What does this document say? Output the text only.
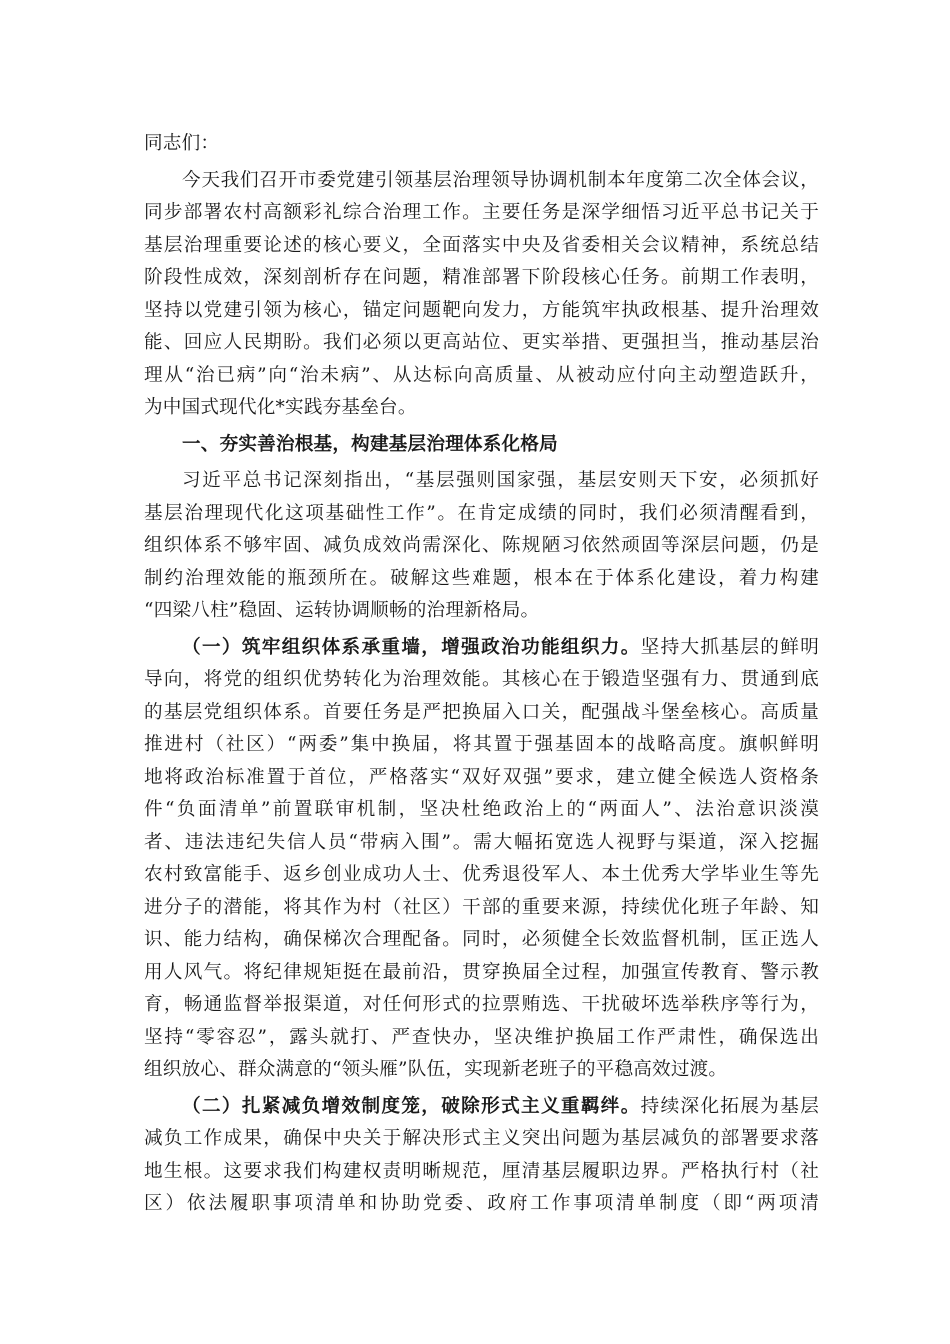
同志们：
今天我们召开市委党建引领基层治理领导协调机制本年度第二次全体会议，
同步部署农村高额彩礼综合治理工作。主要任务是深学细悟习近平总书记关于
基层治理重要论述的核心要义，全面落实中央及省委相关会议精神，系统总结
阶段性成效，深刻剖析存在问题，精准部署下阶段核心任务。前期工作表明，
坚持以党建引领为核心，锚定问题靶向发力，方能筑牢执政根基、提升治理效
能、回应人民期盼。我们必须以更高站位、更实举措、更强担当，推动基层治
理从“治已病”向“治未病”、从达标向高质量、从被动应付向主动塑造跃升，
为中国式现代化*实践夯基垒台。
一、夯实善治根基，构建基层治理体系化格局
习近平总书记深刻指出，“基层强则国家强，基层安则天下安，必须抓好
基层治理现代化这项基础性工作”。在肯定成绩的同时，我们必须清醒看到，
组织体系不够牢固、减负成效尚需深化、陈规陋习依然顽固等深层问题，仍是
制约治理效能的瓶颈所在。破解这些难题，根本在于体系化建设，着力构建
“四梁八柱”稳固、运转协调顺畅的治理新格局。
（一）筑牢组织体系承重墙，增强政治功能组织力。坚持大抓基层的鲜明
导向，将党的组织优势转化为治理效能。其核心在于锻造坚强有力、贯通到底
的基层党组织体系。首要任务是严把换届入口关，配强战斗堡垒核心。高质量
推进村（社区）“两委”集中换届，将其置于强基固本的战略高度。旗帜鲜明
地将政治标准置于首位，严格落实“双好双强”要求，建立健全候选人资格条
件“负面清单”前置联审机制，坚决杜绝政治上的“两面人”、法治意识淡漠
者、违法违纪失信人员“带病入围”。需大幅拓宽选人视野与渠道，深入挖掘
农村致富能手、返乡创业成功人士、优秀退役军人、本土优秀大学毕业生等先
进分子的潜能，将其作为村（社区）干部的重要来源，持续优化班子年龄、知
识、能力结构，确保梯次合理配备。同时，必须健全长效监督机制，匡正选人
用人风气。将纪律规矩挺在最前沿，贯穿换届全过程，加强宣传教育、警示教
育，畅通监督举报渠道，对任何形式的拉票贿选、干扰破坏选举秩序等行为，
坚持“零容忍”，露头就打、严查快办，坚决维护换届工作严肃性，确保选出
组织放心、群众满意的“领头雁”队伍，实现新老班子的平稳高效过渡。
（二）扎紧减负增效制度笼，破除形式主义重羁绊。持续深化拓展为基层
减负工作成果，确保中央关于解决形式主义突出问题为基层减负的部署要求落
地生根。这要求我们构建权责明晰规范，厘清基层履职边界。严格执行村（社
区）依法履职事项清单和协助党委、政府工作事项清单制度（即“两项清
